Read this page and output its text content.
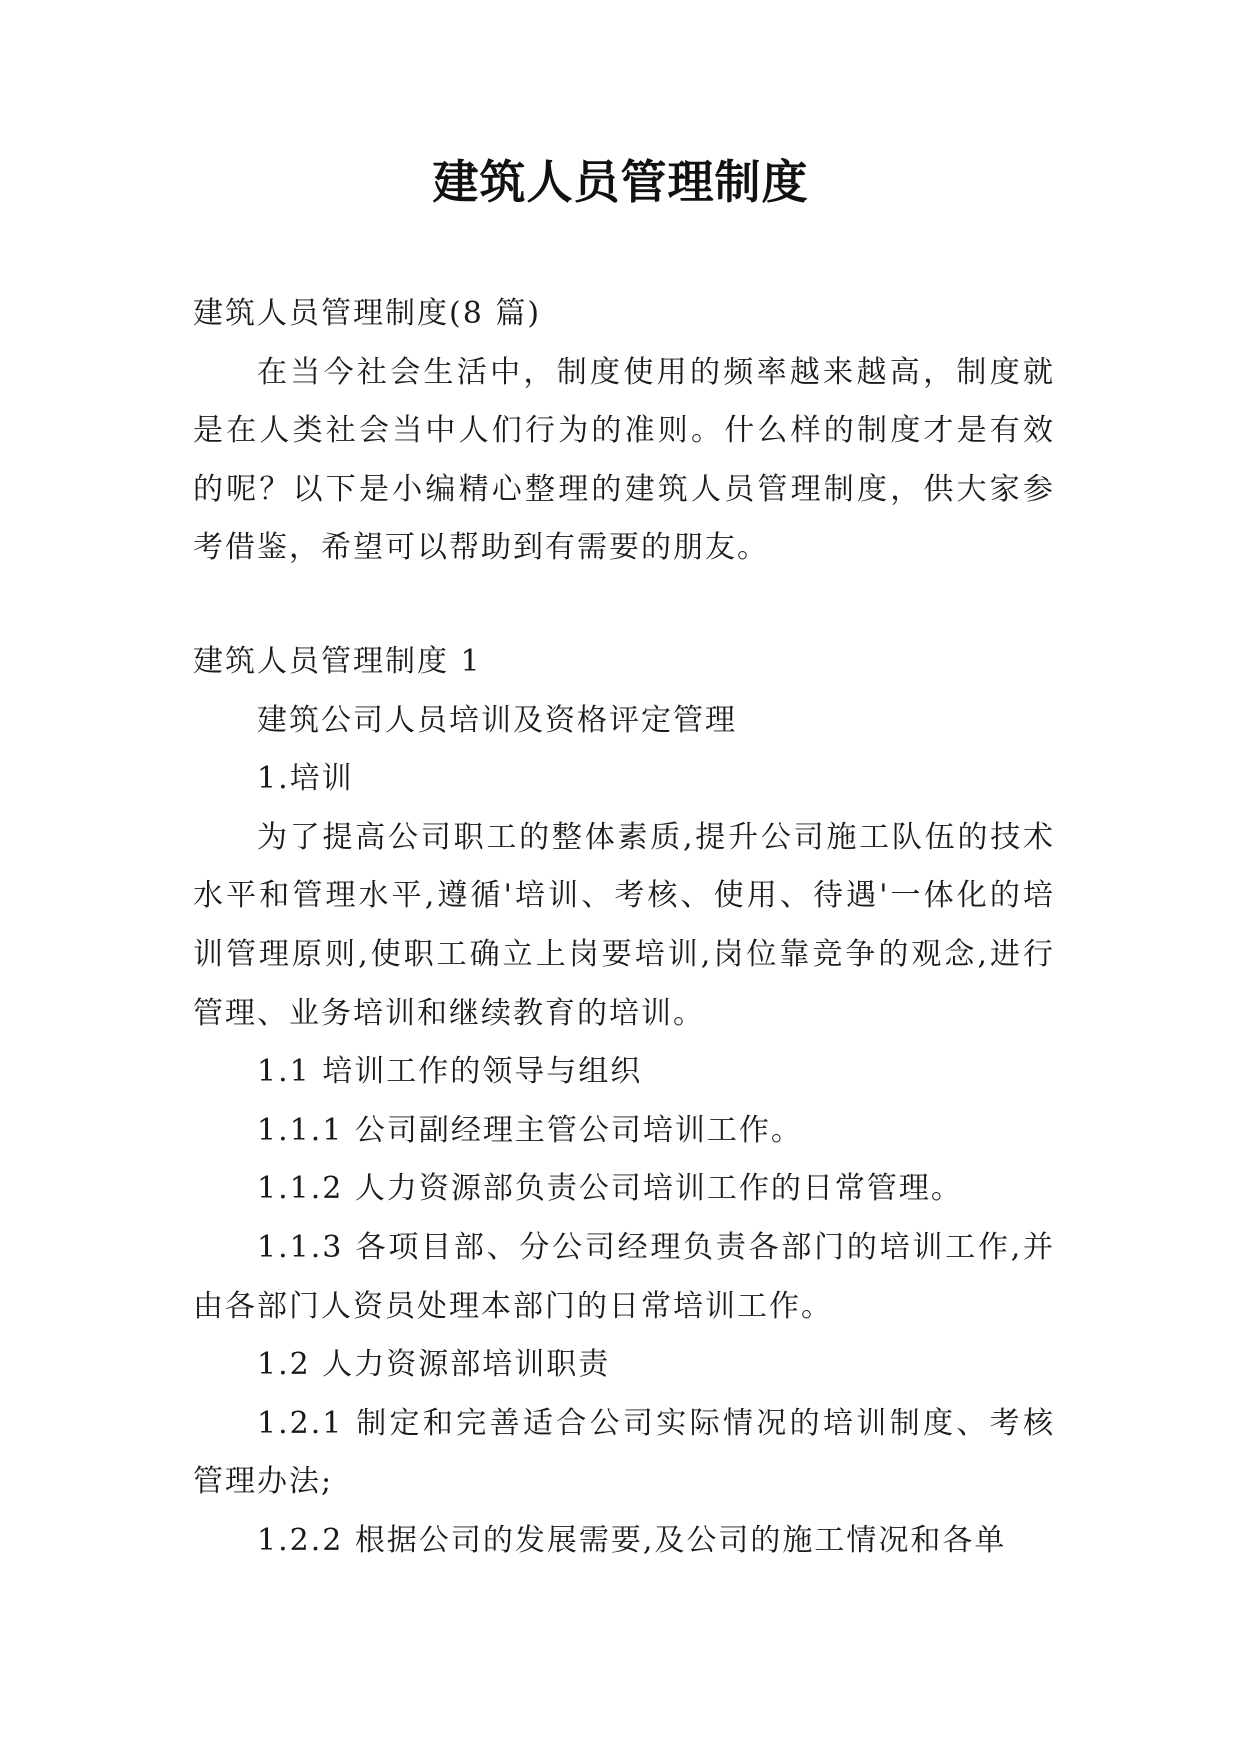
建筑人员管理制度

建筑人员管理制度(8 篇)

在当今社会生活中，制度使用的频率越来越高，制度就是在人类社会当中人们行为的准则。什么样的制度才是有效的呢？以下是小编精心整理的建筑人员管理制度，供大家参考借鉴，希望可以帮助到有需要的朋友。

建筑人员管理制度 1

建筑公司人员培训及资格评定管理

1.培训

为了提高公司职工的整体素质,提升公司施工队伍的技术水平和管理水平,遵循'培训、考核、使用、待遇'一体化的培训管理原则,使职工确立上岗要培训,岗位靠竞争的观念,进行管理、业务培训和继续教育的培训。

1.1 培训工作的领导与组织

1.1.1 公司副经理主管公司培训工作。

1.1.2 人力资源部负责公司培训工作的日常管理。

1.1.3 各项目部、分公司经理负责各部门的培训工作,并由各部门人资员处理本部门的日常培训工作。

1.2 人力资源部培训职责

1.2.1 制定和完善适合公司实际情况的培训制度、考核管理办法;

1.2.2 根据公司的发展需要,及公司的施工情况和各单
